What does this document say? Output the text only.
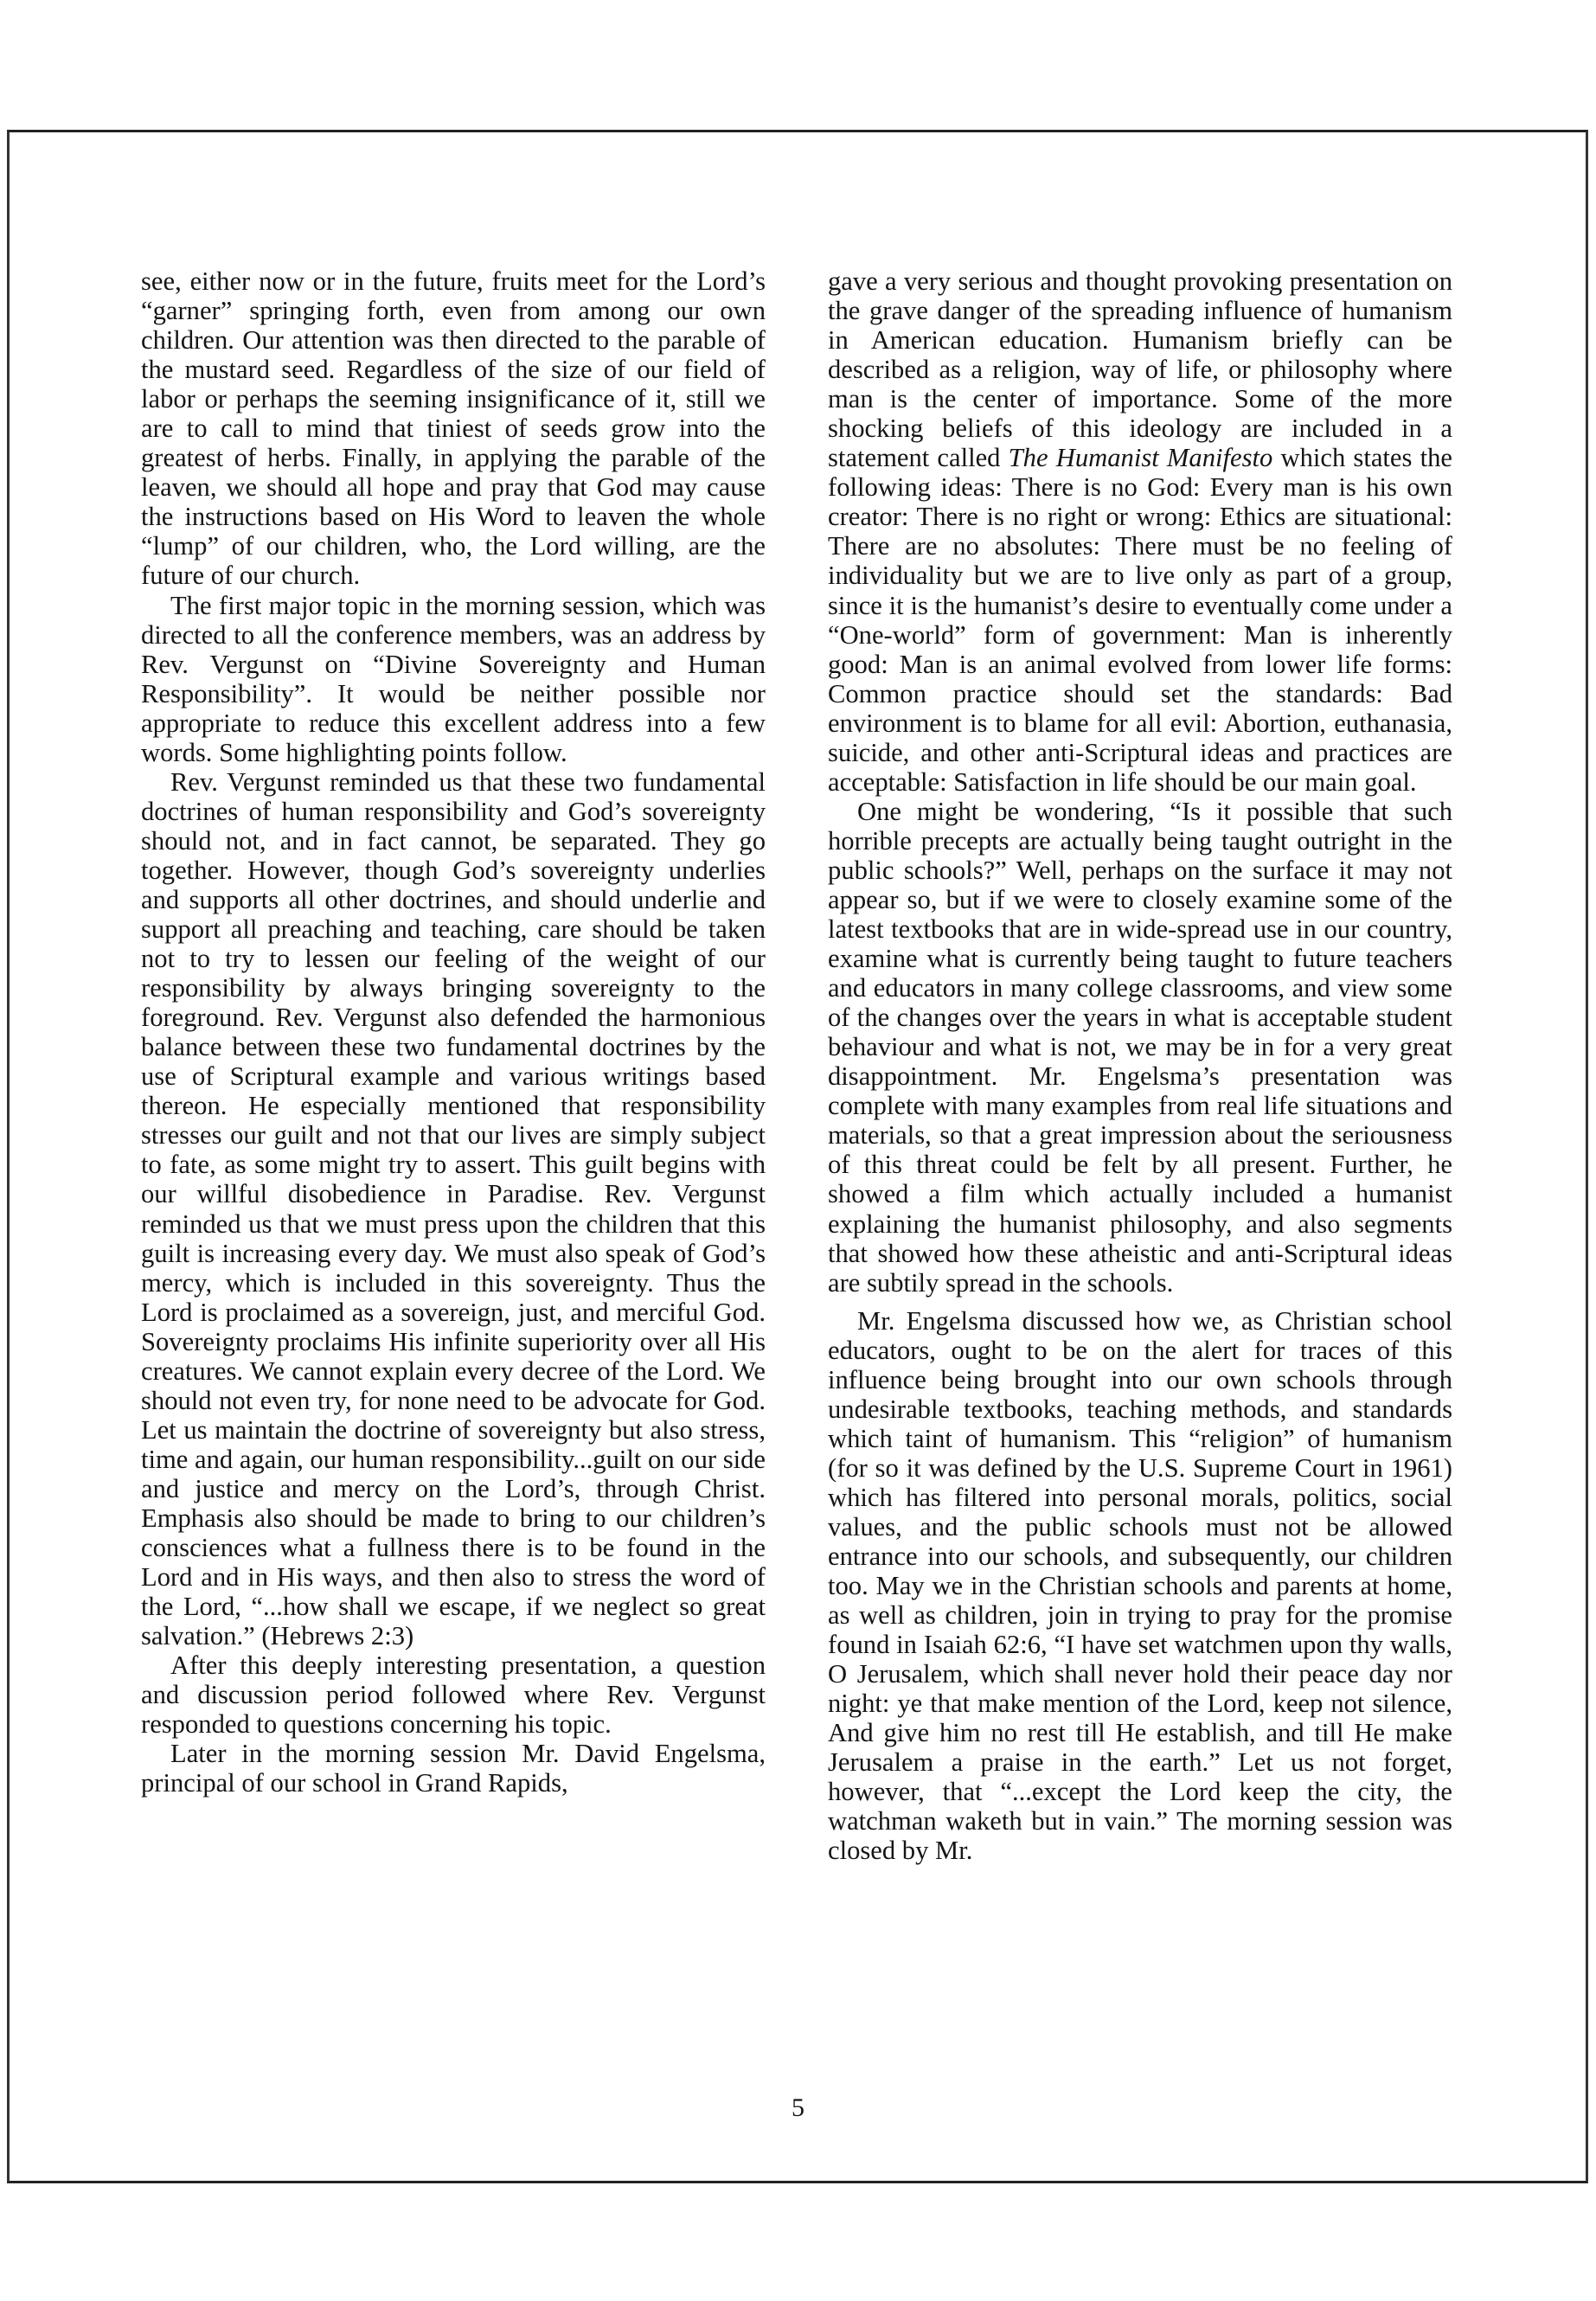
see, either now or in the future, fruits meet for the Lord’s “garner” springing forth, even from among our own children. Our attention was then directed to the parable of the mustard seed. Regardless of the size of our field of labor or perhaps the seeming insignificance of it, still we are to call to mind that tiniest of seeds grow into the greatest of herbs. Finally, in applying the parable of the leaven, we should all hope and pray that God may cause the instructions based on His Word to leaven the whole “lump” of our children, who, the Lord willing, are the future of our church.

The first major topic in the morning session, which was directed to all the conference members, was an address by Rev. Vergunst on “Divine Sovereignty and Human Responsibility”. It would be neither possible nor appropriate to reduce this excellent address into a few words. Some highlighting points follow.

Rev. Vergunst reminded us that these two fundamental doctrines of human responsibility and God’s sovereignty should not, and in fact cannot, be separated. They go together. However, though God’s sovereignty underlies and supports all other doctrines, and should underlie and support all preaching and teaching, care should be taken not to try to lessen our feeling of the weight of our responsibility by always bringing sovereignty to the foreground. Rev. Vergunst also defended the harmonious balance between these two fundamental doctrines by the use of Scriptural example and various writings based thereon. He especially mentioned that responsibility stresses our guilt and not that our lives are simply subject to fate, as some might try to assert. This guilt begins with our willful disobedience in Paradise. Rev. Vergunst reminded us that we must press upon the children that this guilt is increasing every day. We must also speak of God’s mercy, which is included in this sovereignty. Thus the Lord is proclaimed as a sovereign, just, and merciful God. Sovereignty proclaims His infinite superiority over all His creatures. We cannot explain every decree of the Lord. We should not even try, for none need to be advocate for God. Let us maintain the doctrine of sovereignty but also stress, time and again, our human responsibility...guilt on our side and justice and mercy on the Lord’s, through Christ. Emphasis also should be made to bring to our children’s consciences what a fullness there is to be found in the Lord and in His ways, and then also to stress the word of the Lord, “...how shall we escape, if we neglect so great salvation.” (Hebrews 2:3)

After this deeply interesting presentation, a question and discussion period followed where Rev. Vergunst responded to questions concerning his topic.

Later in the morning session Mr. David Engelsma, principal of our school in Grand Rapids,

gave a very serious and thought provoking presentation on the grave danger of the spreading influence of humanism in American education. Humanism briefly can be described as a religion, way of life, or philosophy where man is the center of importance. Some of the more shocking beliefs of this ideology are included in a statement called The Humanist Manifesto which states the following ideas: There is no God: Every man is his own creator: There is no right or wrong: Ethics are situational: There are no absolutes: There must be no feeling of individuality but we are to live only as part of a group, since it is the humanist’s desire to eventually come under a “One-world” form of government: Man is inherently good: Man is an animal evolved from lower life forms: Common practice should set the standards: Bad environment is to blame for all evil: Abortion, euthanasia, suicide, and other anti-Scriptural ideas and practices are acceptable: Satisfaction in life should be our main goal.

One might be wondering, “Is it possible that such horrible precepts are actually being taught outright in the public schools?” Well, perhaps on the surface it may not appear so, but if we were to closely examine some of the latest textbooks that are in wide-spread use in our country, examine what is currently being taught to future teachers and educators in many college classrooms, and view some of the changes over the years in what is acceptable student behaviour and what is not, we may be in for a very great disappointment. Mr. Engelsma’s presentation was complete with many examples from real life situations and materials, so that a great impression about the seriousness of this threat could be felt by all present. Further, he showed a film which actually included a humanist explaining the humanist philosophy, and also segments that showed how these atheistic and anti-Scriptural ideas are subtily spread in the schools.

Mr. Engelsma discussed how we, as Christian school educators, ought to be on the alert for traces of this influence being brought into our own schools through undesirable textbooks, teaching methods, and standards which taint of humanism. This “religion” of humanism (for so it was defined by the U.S. Supreme Court in 1961) which has filtered into personal morals, politics, social values, and the public schools must not be allowed entrance into our schools, and subsequently, our children too. May we in the Christian schools and parents at home, as well as children, join in trying to pray for the promise found in Isaiah 62:6, “I have set watchmen upon thy walls, O Jerusalem, which shall never hold their peace day nor night: ye that make mention of the Lord, keep not silence, And give him no rest till He establish, and till He make Jerusalem a praise in the earth.” Let us not forget, however, that “...except the Lord keep the city, the watchman waketh but in vain.” The morning session was closed by Mr.

5
